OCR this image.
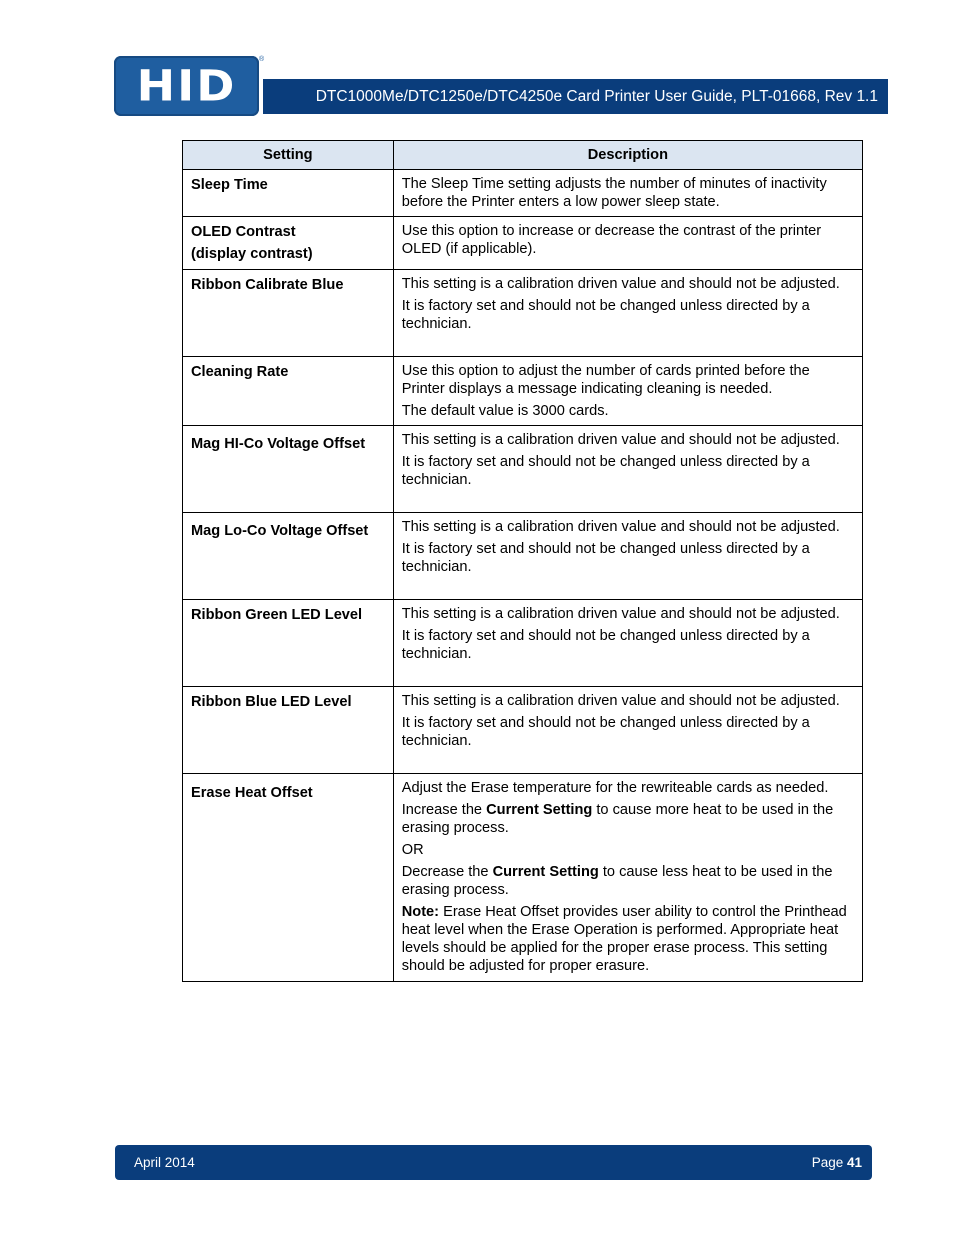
HID
®
DTC1000Me/DTC1250e/DTC4250e Card Printer User Guide, PLT-01668, Rev 1.1
Setting	Description
Sleep Time	The Sleep Time setting adjusts the number of minutes of inactivity before the Printer enters a low power sleep state.

OLED Contrast
(display contrast)	Use this option to increase or decrease the contrast of the printer OLED (if applicable).

Ribbon Calibrate Blue	This setting is a calibration driven value and should not be adjusted.

It is factory set and should not be changed unless directed by a technician.

Cleaning Rate	Use this option to adjust the number of cards printed before the Printer displays a message indicating cleaning is needed.

The default value is 3000 cards.

Mag HI-Co Voltage Offset	This setting is a calibration driven value and should not be adjusted.

It is factory set and should not be changed unless directed by a technician.

Mag Lo-Co Voltage Offset	This setting is a calibration driven value and should not be adjusted.

It is factory set and should not be changed unless directed by a technician.

Ribbon Green LED Level	This setting is a calibration driven value and should not be adjusted.

It is factory set and should not be changed unless directed by a technician.

Ribbon Blue LED Level	This setting is a calibration driven value and should not be adjusted.

It is factory set and should not be changed unless directed by a technician.

Erase Heat Offset	Adjust the Erase temperature for the rewriteable cards as needed.

Increase the Current Setting to cause more heat to be used in the erasing process.

OR

Decrease the Current Setting to cause less heat to be used in the erasing process.

Note: Erase Heat Offset provides user ability to control the Printhead heat level when the Erase Operation is performed. Appropriate heat levels should be applied for the proper erase process. This setting should be adjusted for proper erasure.

April 2014	Page 41
